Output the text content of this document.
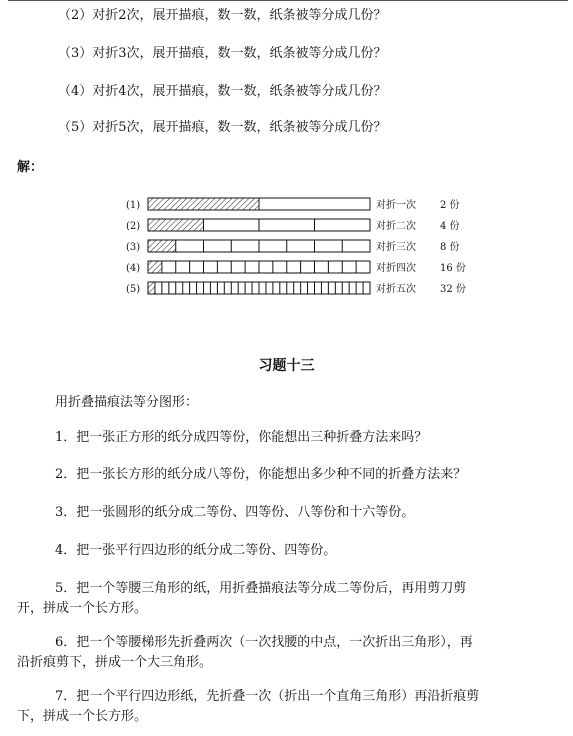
（2）对折2次，展开描痕，数一数，纸条被等分成几份？
（3）对折3次，展开描痕，数一数，纸条被等分成几份？
（4）对折4次，展开描痕，数一数，纸条被等分成几份？
（5）对折5次，展开描痕，数一数，纸条被等分成几份？
解：
(1)	对折一次 2 份
(2)	对折二次 4 份
(3)	对折三次 8 份
(4)	对折四次 16 份
(5)	对折五次 32 份
习题十三
用折叠描痕法等分图形：
1．把一张正方形的纸分成四等份，你能想出三种折叠方法来吗？
2．把一张长方形的纸分成八等份，你能想出多少种不同的折叠方法来？
3．把一张圆形的纸分成二等份、四等份、八等份和十六等份。
4．把一张平行四边形的纸分成二等份、四等份。
5．把一个等腰三角形的纸，用折叠描痕法等分成二等份后，再用剪刀剪
开，拼成一个长方形。
6．把一个等腰梯形先折叠两次（一次找腰的中点，一次折出三角形），再
沿折痕剪下，拼成一个大三角形。
7．把一个平行四边形纸，先折叠一次（折出一个直角三角形）再沿折痕剪
下，拼成一个长方形。
